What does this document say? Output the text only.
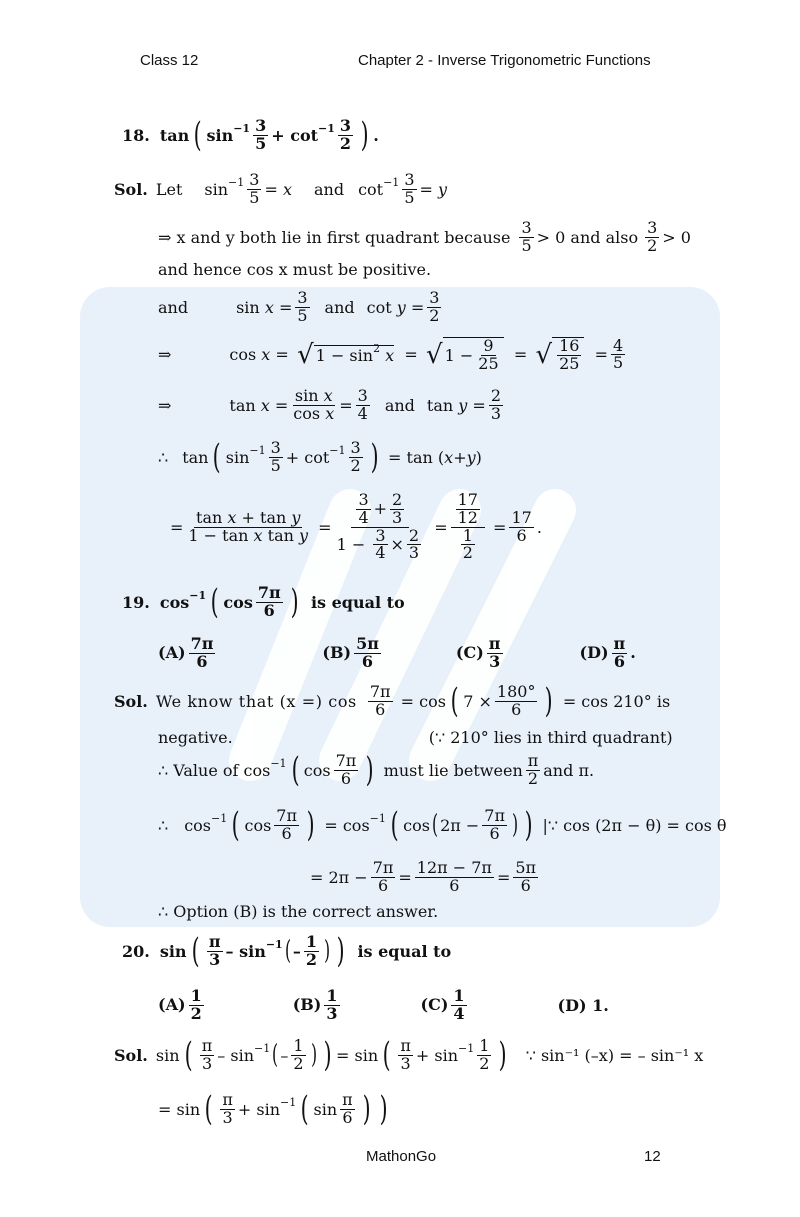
Class 12	Chapter 2 - Inverse Trigonometric Functions
18. tan ( $\sin -1 \frac{3}{5} + \cot -1 \frac{3}{2}$ ) .
Sol. Let $\sin -1 \frac{3}{5} = x$ and $\cot -1 \frac{3}{5} = y$
⇒ x and y both lie in first quadrant because $\frac{3}{5} > 0$ and also $\frac{3}{2} > 0$
and hence cos x must be positive.
and	$\sin x = \frac{3}{5}$ and $\cot y = \frac{3}{2}$
⇒	cos x = √ 1 − sin 2
x = √ $1 - \frac{9}{25}$ = √ $\frac{16}{25} = \frac{4}{5}$
⇒	$\tan x = \frac{\text{sin x}}{\text{cos x}} = \frac{3}{4}$ and $\tan y = \frac{2}{3}$
∴ tan ( $\sin -1 \frac{3}{5} + \cot -1 \frac{3}{2}$ ) = tan ( x + y )
= $\frac{\text{tan x + tan y}}{\text{1 − tan x tan y}} = \frac{\frac{3}{4} + \frac{2}{3}}{1 - \frac{3}{4} \times \frac{2}{3}} = \frac{\frac{17}{12}}{\frac{1}{2}} = \frac{17}{6}$ .
19. cos −1 ( $\cos \frac{7\pi}{6}$ ) is equal to
$(A) \frac{7\pi}{6}$	$(B) \frac{5\pi}{6}$	$(C) \frac{\pi}{3}$	$(D) \frac{\pi}{6}$ .
Sol. We know that (x =) $\cos \frac{7\pi}{6} = \cos$ ( $7 \times \frac{180^\circ}{6}$ )
= cos 210° is
negative.	(∵ 210° lies in third quadrant)
∴ Value of cos −1 ( $\cos \frac{7\pi}{6}$ )
must lie between $\frac{\pi}{2}$ and π.
∴ cos −1 ( $\cos \frac{7\pi}{6}$ ) = cos −1 ( cos ( $2\pi - \frac{7\pi}{6}$ ) )
|∵ cos (2π − θ) = cos θ
= $2\pi - \frac{7\pi}{6} = \frac{12\pi - 7\pi}{6} = \frac{5\pi}{6}$
∴ Option (B) is the correct answer.
20. sin ( $\frac{\pi}{3} - \sin -1$ ( – $\frac{1}{2}$ ) ) is equal to
$(A) \frac{1}{2}$	$(B) \frac{1}{3}$	$(C) \frac{1}{4}$	(D) 1.
Sol. sin ( $\frac{\pi}{3} - \sin -1$ ( – $\frac{1}{2}$ ) ) = sin ( $\frac{\pi}{3} + \sin -1 \frac{1}{2}$ ) ∵ sin⁻¹ (–x) = – sin⁻¹ x
= sin ( $\frac{\pi}{3} + \sin -1$ ( $\sin \frac{\pi}{6}$ ) )
MathonGo	12
